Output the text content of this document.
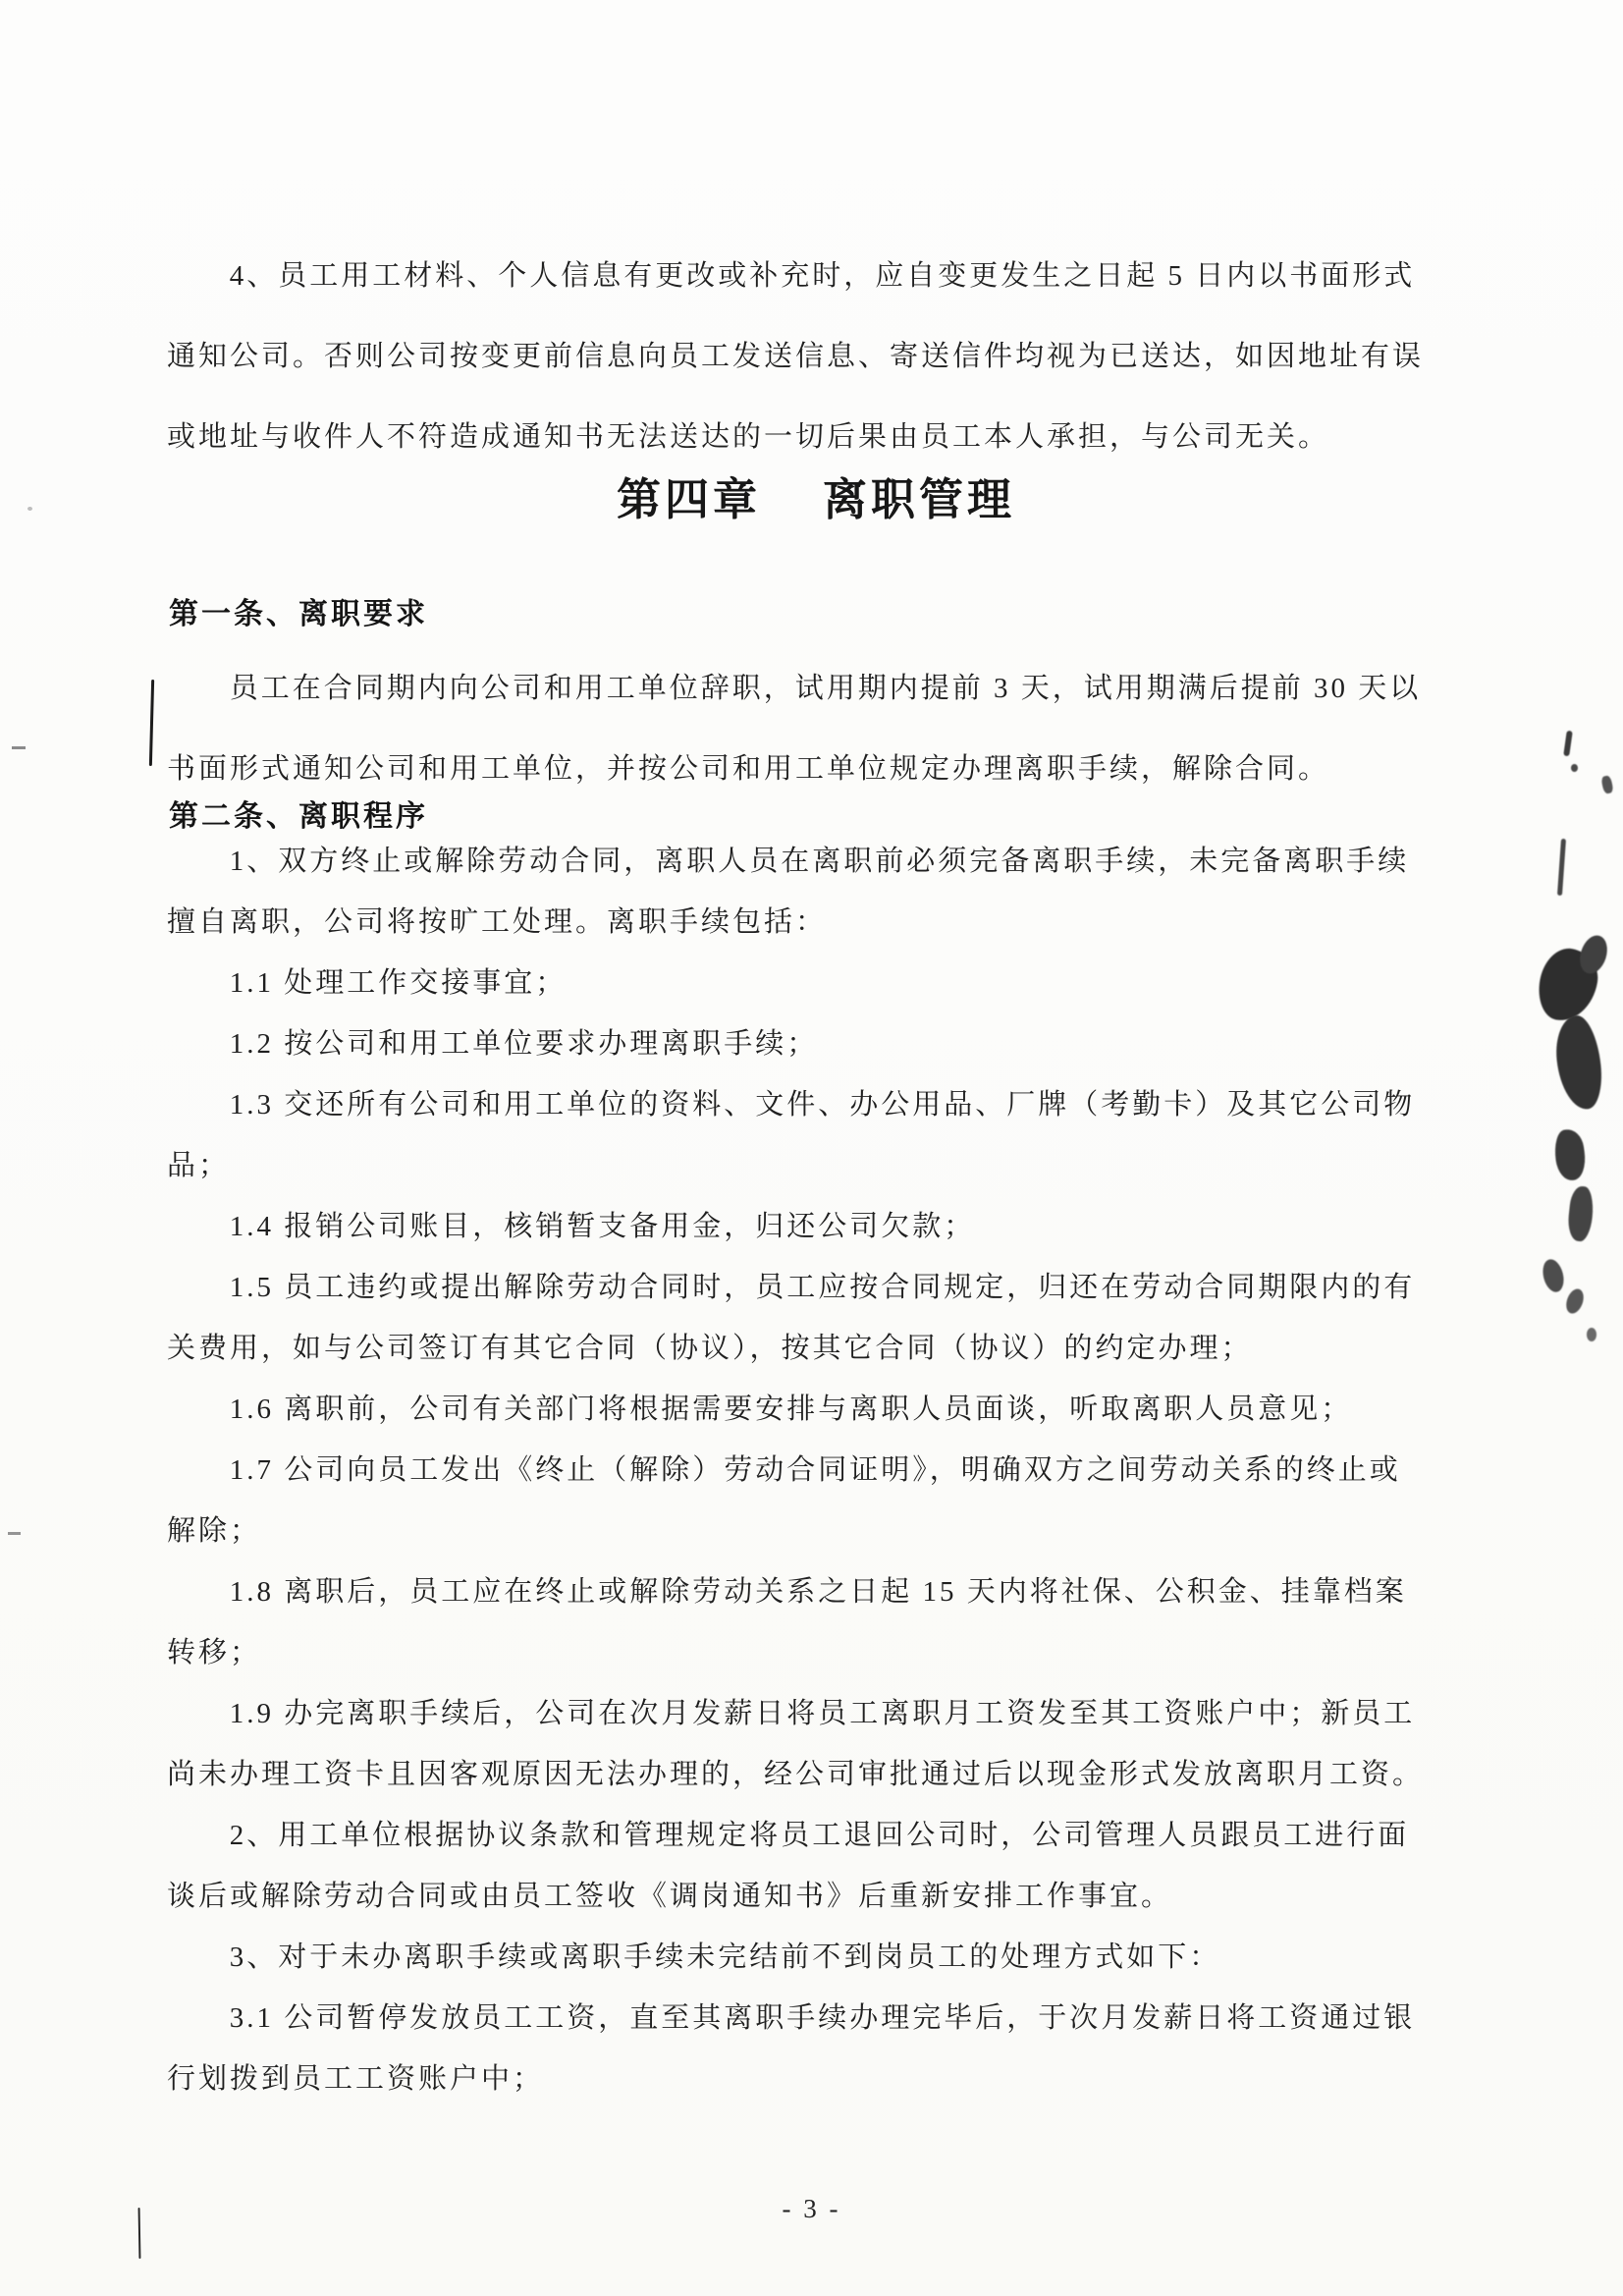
4、员工用工材料、个人信息有更改或补充时，应自变更发生之日起 5 日内以书面形式
通知公司。否则公司按变更前信息向员工发送信息、寄送信件均视为已送达，如因地址有误
或地址与收件人不符造成通知书无法送达的一切后果由员工本人承担，与公司无关。
第四章 离职管理
第一条、离职要求
员工在合同期内向公司和用工单位辞职，试用期内提前 3 天，试用期满后提前 30 天以
书面形式通知公司和用工单位，并按公司和用工单位规定办理离职手续，解除合同。
第二条、离职程序
1、双方终止或解除劳动合同，离职人员在离职前必须完备离职手续，未完备离职手续
擅自离职，公司将按旷工处理。离职手续包括：
1.1 处理工作交接事宜；
1.2 按公司和用工单位要求办理离职手续；
1.3 交还所有公司和用工单位的资料、文件、办公用品、厂牌（考勤卡）及其它公司物
品；
1.4 报销公司账目，核销暂支备用金，归还公司欠款；
1.5 员工违约或提出解除劳动合同时，员工应按合同规定，归还在劳动合同期限内的有
关费用，如与公司签订有其它合同（协议），按其它合同（协议）的约定办理；
1.6 离职前，公司有关部门将根据需要安排与离职人员面谈，听取离职人员意见；
1.7 公司向员工发出《终止（解除）劳动合同证明》，明确双方之间劳动关系的终止或
解除；
1.8 离职后，员工应在终止或解除劳动关系之日起 15 天内将社保、公积金、挂靠档案
转移；
1.9 办完离职手续后，公司在次月发薪日将员工离职月工资发至其工资账户中；新员工
尚未办理工资卡且因客观原因无法办理的，经公司审批通过后以现金形式发放离职月工资。
2、用工单位根据协议条款和管理规定将员工退回公司时，公司管理人员跟员工进行面
谈后或解除劳动合同或由员工签收《调岗通知书》后重新安排工作事宜。
3、对于未办离职手续或离职手续未完结前不到岗员工的处理方式如下：
3.1 公司暂停发放员工工资，直至其离职手续办理完毕后，于次月发薪日将工资通过银
行划拨到员工工资账户中；
- 3 -
